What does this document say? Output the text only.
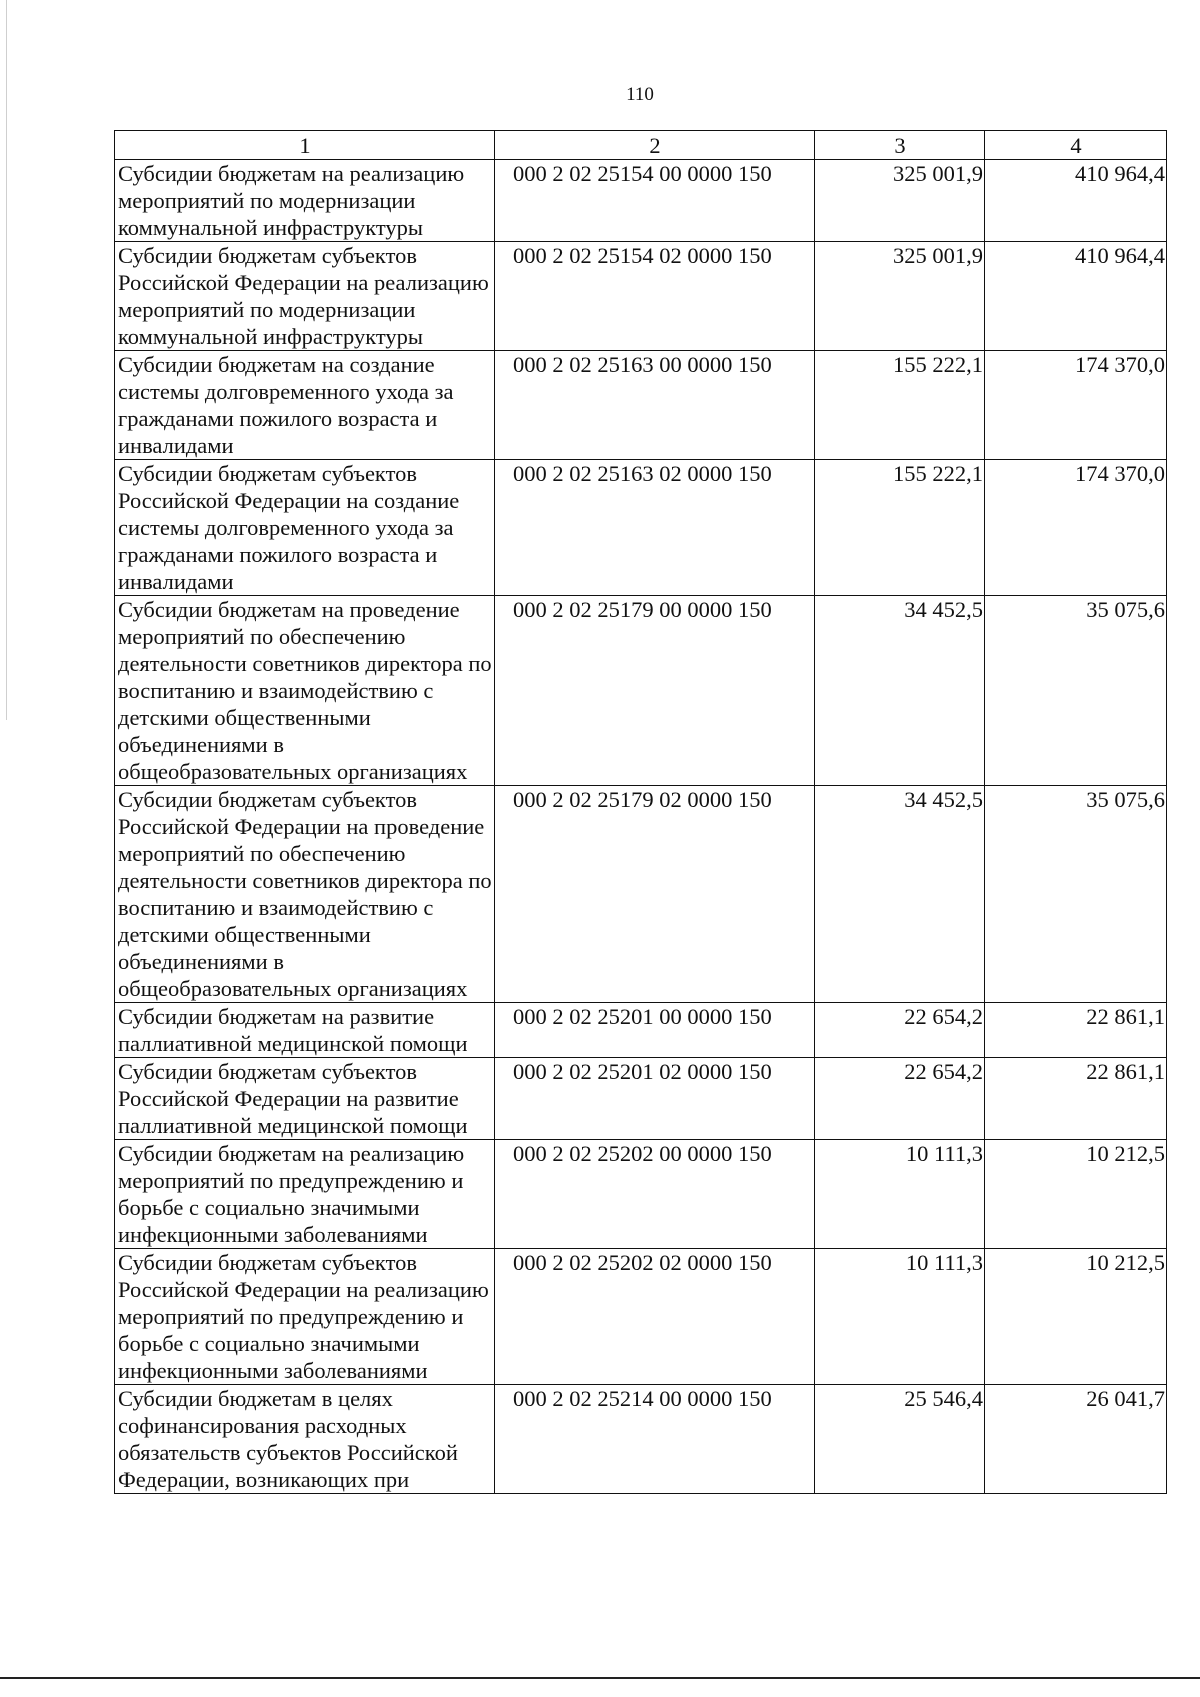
110
1	2	3	4
Субсидии бюджетам на реализацию мероприятий по модернизации коммунальной инфраструктуры	000 2 02 25154 00 0000 150	325 001,9	410 964,4
Субсидии бюджетам субъектов Российской Федерации на реализацию мероприятий по модернизации коммунальной инфраструктуры	000 2 02 25154 02 0000 150	325 001,9	410 964,4
Субсидии бюджетам на создание системы долговременного ухода за гражданами пожилого возраста и инвалидами	000 2 02 25163 00 0000 150	155 222,1	174 370,0
Субсидии бюджетам субъектов Российской Федерации на создание системы долговременного ухода за гражданами пожилого возраста и инвалидами	000 2 02 25163 02 0000 150	155 222,1	174 370,0
Субсидии бюджетам на проведение мероприятий по обеспечению деятельности советников директора по воспитанию и взаимодействию с детскими общественными объединениями в общеобразовательных организациях	000 2 02 25179 00 0000 150	34 452,5	35 075,6
Субсидии бюджетам субъектов Российской Федерации на проведение мероприятий по обеспечению деятельности советников директора по воспитанию и взаимодействию с детскими общественными объединениями в общеобразовательных организациях	000 2 02 25179 02 0000 150	34 452,5	35 075,6
Субсидии бюджетам на развитие паллиативной медицинской помощи	000 2 02 25201 00 0000 150	22 654,2	22 861,1
Субсидии бюджетам субъектов Российской Федерации на развитие паллиативной медицинской помощи	000 2 02 25201 02 0000 150	22 654,2	22 861,1
Субсидии бюджетам на реализацию мероприятий по предупреждению и борьбе с социально значимыми инфекционными заболеваниями	000 2 02 25202 00 0000 150	10 111,3	10 212,5
Субсидии бюджетам субъектов Российской Федерации на реализацию мероприятий по предупреждению и борьбе с социально значимыми инфекционными заболеваниями	000 2 02 25202 02 0000 150	10 111,3	10 212,5
Субсидии бюджетам в целях софинансирования расходных обязательств субъектов Российской Федерации, возникающих при	000 2 02 25214 00 0000 150	25 546,4	26 041,7
